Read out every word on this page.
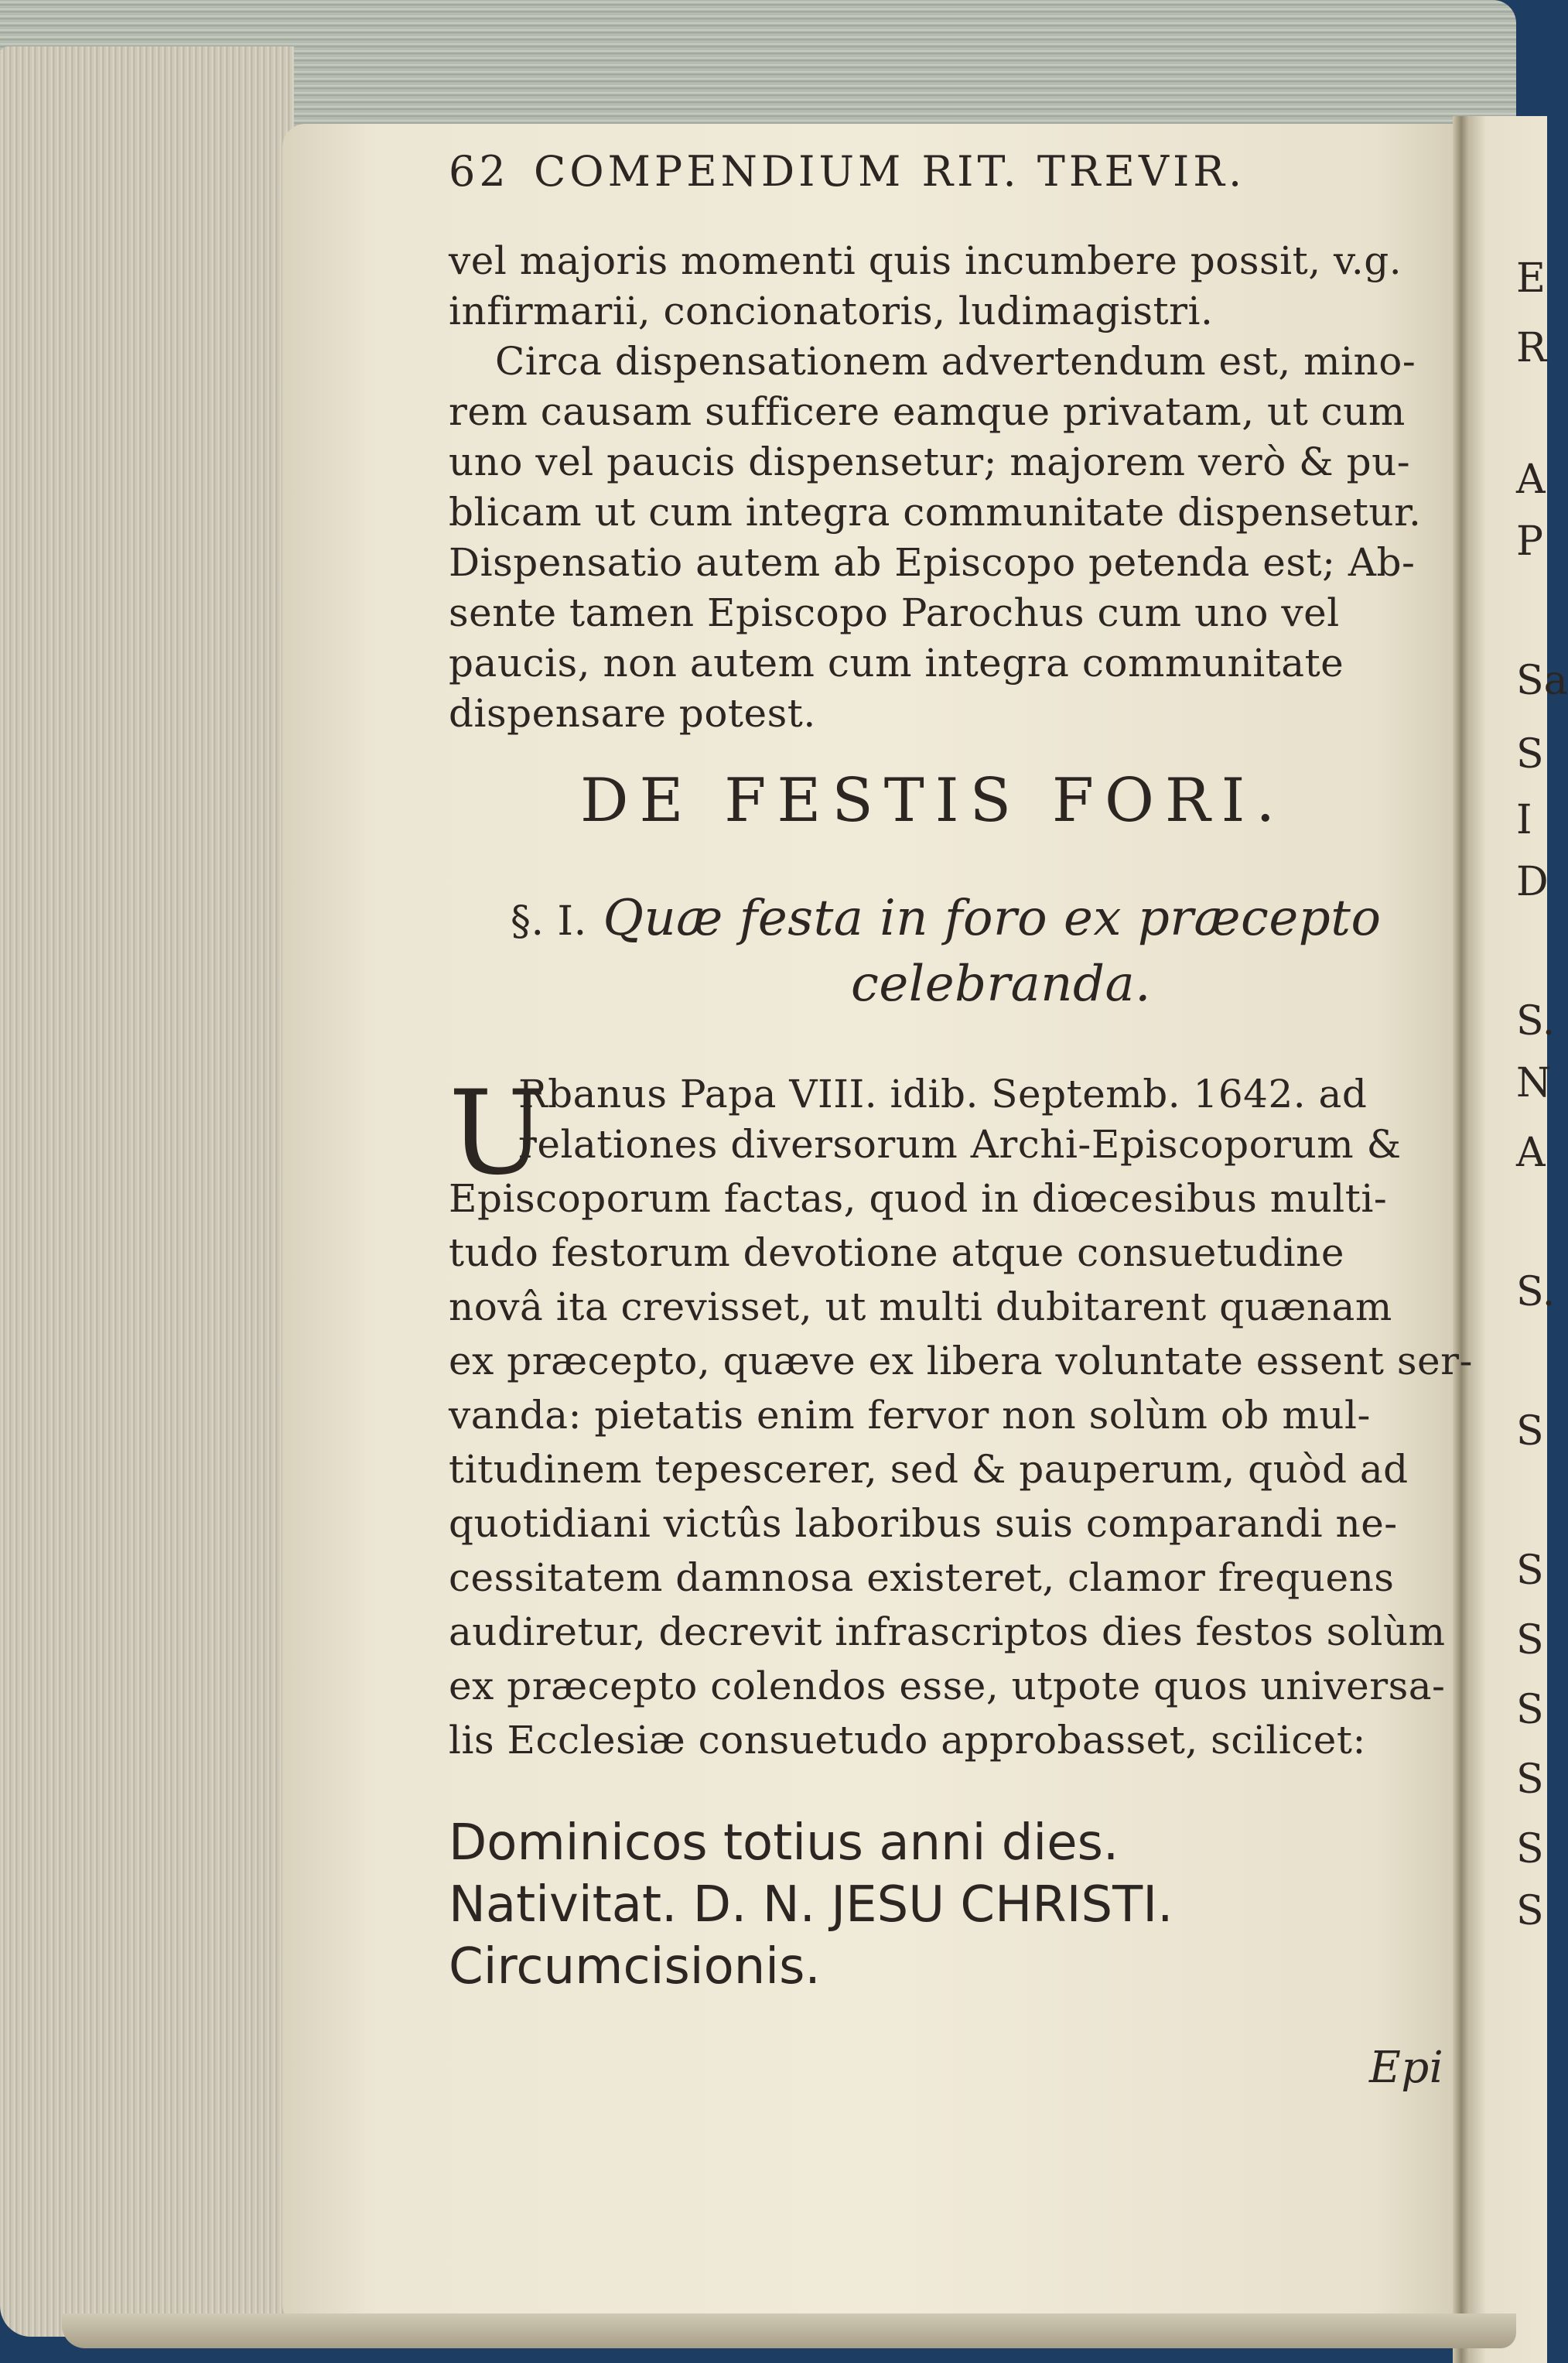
62 COMPENDIUM RIT. TREVIR.
vel majoris momenti quis incumbere possit, v.g.
infirmarii, concionatoris, ludimagistri.
Circa dispensationem advertendum est, mino-
rem causam sufficere eamque privatam, ut cum
uno vel paucis dispensetur; majorem verò & pu-
blicam ut cum integra communitate dispensetur.
Dispensatio autem ab Episcopo petenda est; Ab-
sente tamen Episcopo Parochus cum uno vel
paucis, non autem cum integra communitate
dispensare potest.
DE FESTIS FORI.
§. I. Quæ festa in foro ex præcepto
celebranda.
U
Rbanus Papa VIII. idib. Septemb. 1642. ad
relationes diversorum Archi-Episcoporum &
Episcoporum factas, quod in diœcesibus multi-
tudo festorum devotione atque consuetudine
novâ ita crevisset, ut multi dubitarent quænam
ex præcepto, quæve ex libera voluntate essent ser-
vanda: pietatis enim fervor non solùm ob mul-
titudinem tepescerer, sed & pauperum, quòd ad
quotidiani victûs laboribus suis comparandi ne-
cessitatem damnosa existeret, clamor frequens
audiretur, decrevit infrascriptos dies festos solùm
ex præcepto colendos esse, utpote quos universa-
lis Ecclesiæ consuetudo approbasset, scilicet:
Dominicos totius anni dies.
Nativitat. D. N. JESU CHRISTI.
Circumcisionis.
Epi
E
R
A
P
Sa
S
I
D
S.
N
A
S.
S
S
S
S
S
S
S
